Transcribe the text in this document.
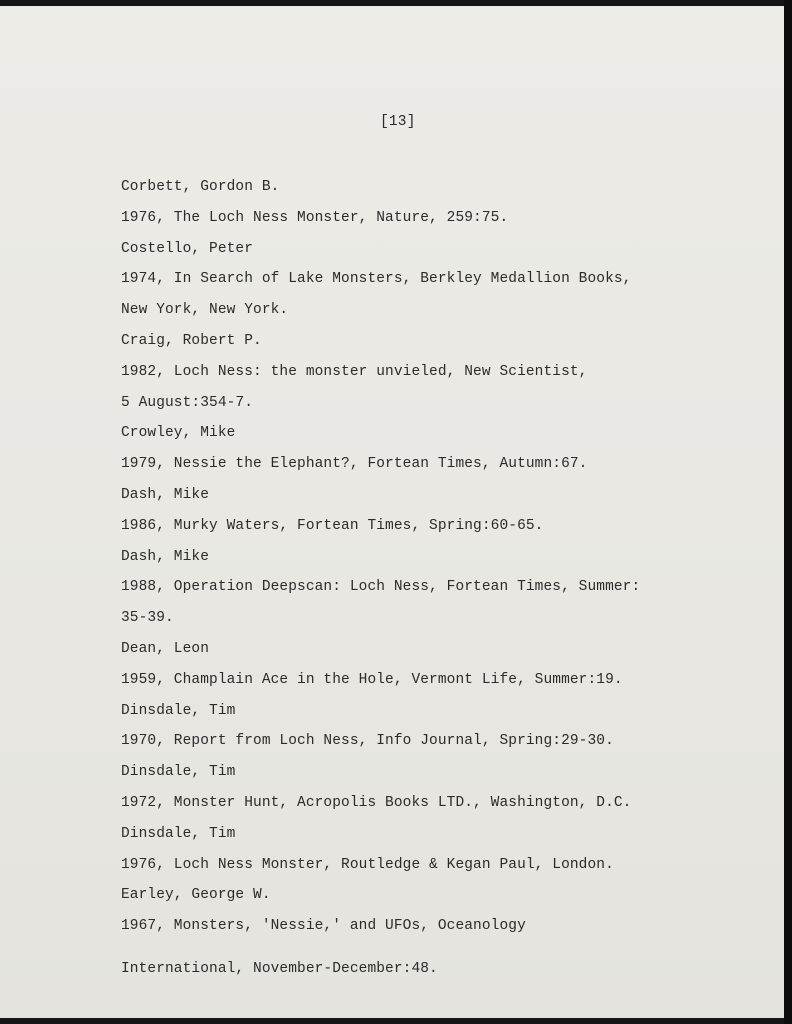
[13]
Corbett, Gordon B.
1976, The Loch Ness Monster, Nature, 259:75.
Costello, Peter
1974, In Search of Lake Monsters, Berkley Medallion Books,
New York, New York.
Craig, Robert P.
1982, Loch Ness: the monster unvieled, New Scientist,
5 August:354-7.
Crowley, Mike
1979, Nessie the Elephant?, Fortean Times, Autumn:67.
Dash, Mike
1986, Murky Waters, Fortean Times, Spring:60-65.
Dash, Mike
1988, Operation Deepscan: Loch Ness, Fortean Times, Summer:
35-39.
Dean, Leon
1959, Champlain Ace in the Hole, Vermont Life, Summer:19.
Dinsdale, Tim
1970, Report from Loch Ness, Info Journal, Spring:29-30.
Dinsdale, Tim
1972, Monster Hunt, Acropolis Books LTD., Washington, D.C.
Dinsdale, Tim
1976, Loch Ness Monster, Routledge & Kegan Paul, London.
Earley, George W.
1967, Monsters, 'Nessie,' and UFOs, Oceanology
International, November-December:48.
